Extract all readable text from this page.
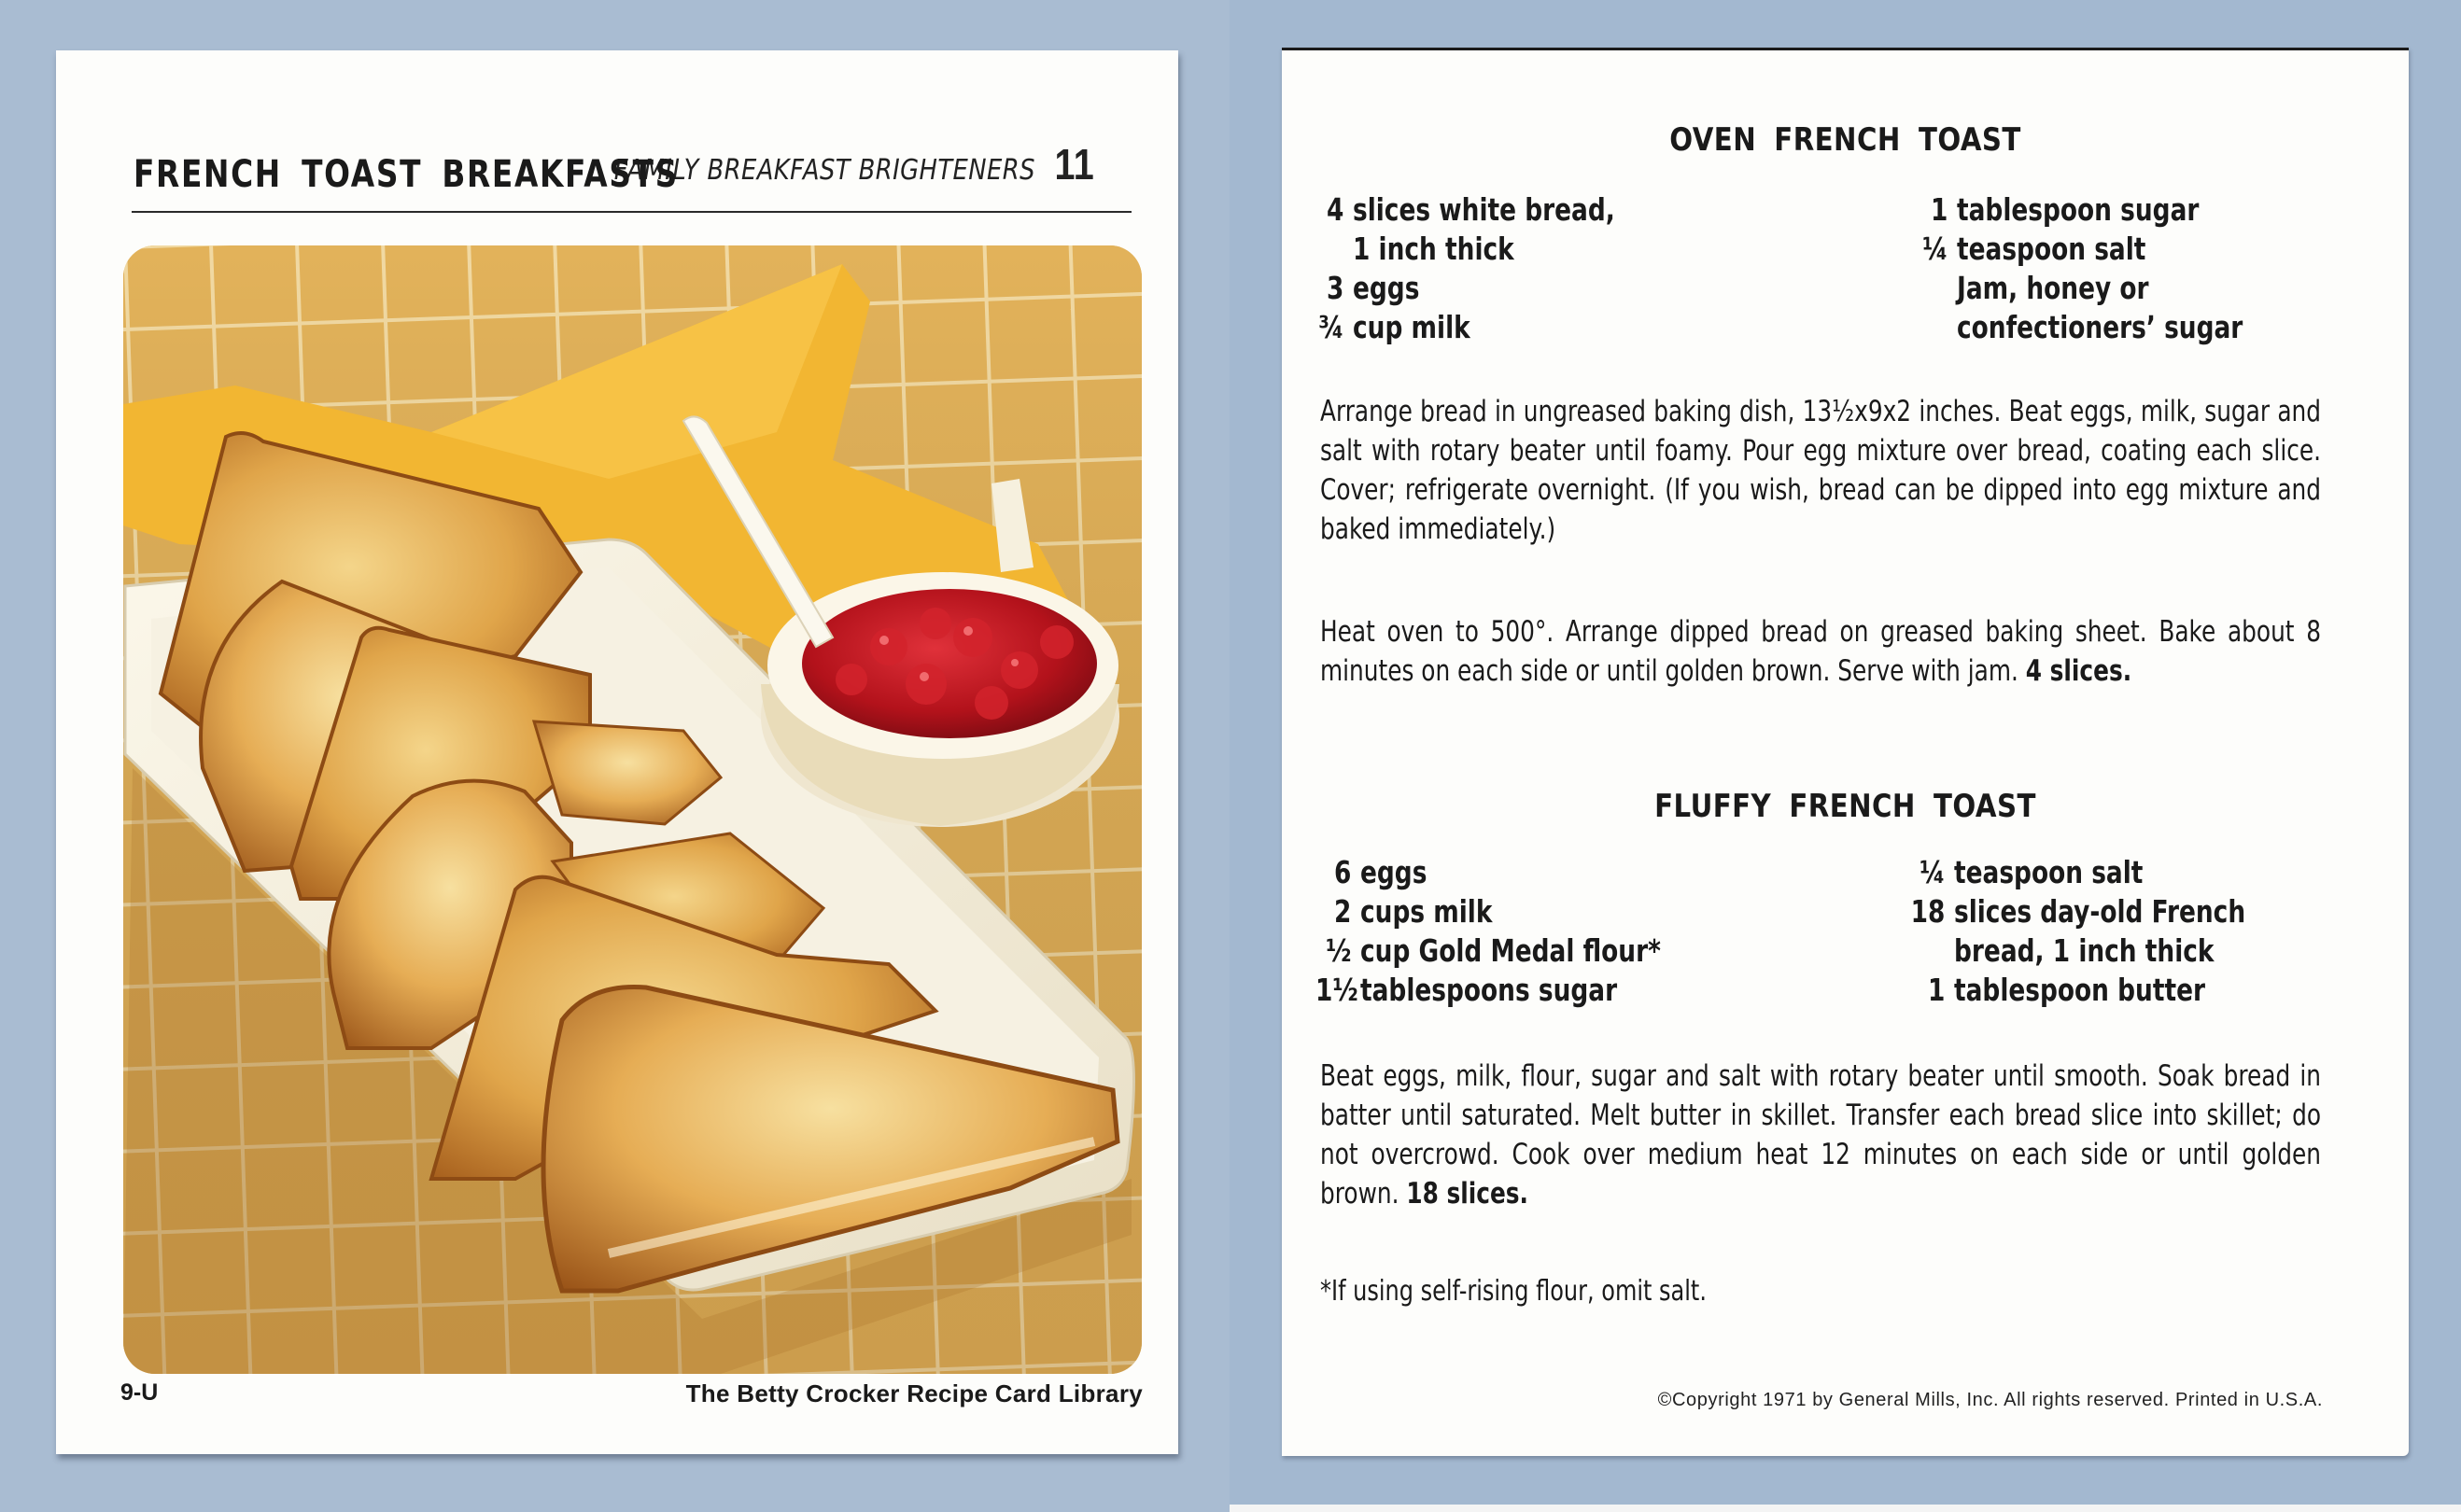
FAMILY BREAKFAST BRIGHTENERS 11
FRENCH TOAST BREAKFASTS
9-U	The Betty Crocker Recipe Card Library
OVEN FRENCH TOAST
4 slices white bread,
1 inch thick
3 eggs
¾ cup milk
1 tablespoon sugar
¼ teaspoon salt
Jam, honey or
confectioners’ sugar
Arrange bread in ungreased baking dish, 13½x9x2 inches. Beat eggs, milk, sugar and salt with rotary beater until foamy. Pour egg mixture over bread, coating each slice. Cover; refrigerate overnight. (If you wish, bread can be dipped into egg mixture and baked immediately.)
Heat oven to 500°. Arrange dipped bread on greased baking sheet. Bake about 8 minutes on each side or until golden brown. Serve with jam. 4 slices.
FLUFFY FRENCH TOAST
6 eggs
2 cups milk
½ cup Gold Medal flour*
1½ tablespoons sugar
¼ teaspoon salt
18 slices day-old French
bread, 1 inch thick
1 tablespoon butter
Beat eggs, milk, flour, sugar and salt with rotary beater until smooth. Soak bread in batter until saturated. Melt butter in skillet. Transfer each bread slice into skillet; do not overcrowd. Cook over medium heat 12 minutes on each side or until golden brown. 18 slices.
*If using self-rising flour, omit salt.
©Copyright 1971 by General Mills, Inc. All rights reserved. Printed in U.S.A.
